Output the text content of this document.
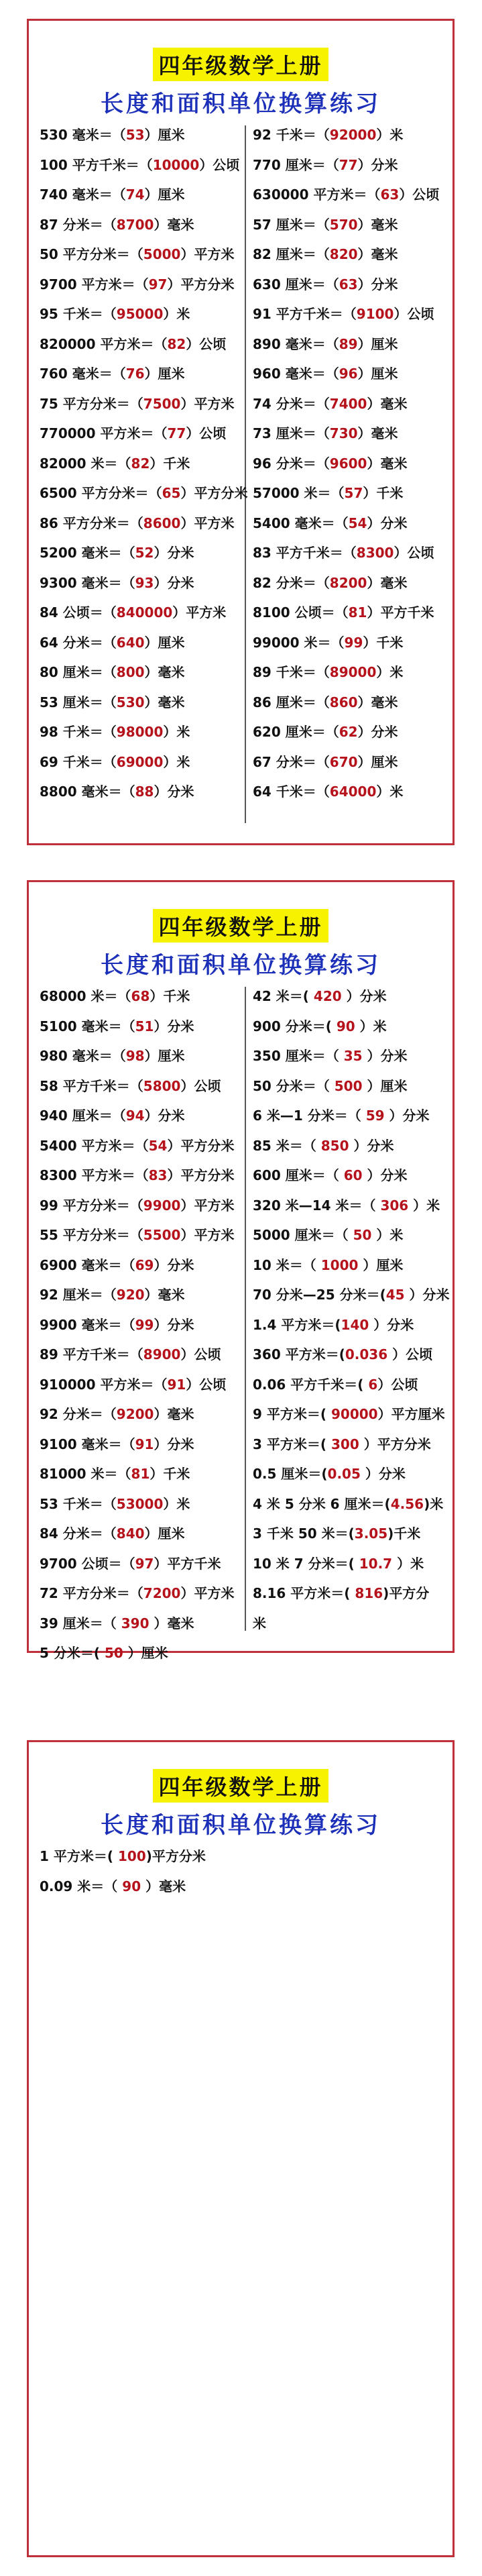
四年级数学上册
长度和面积单位换算练习
530 毫米＝（53）厘米
100 平方千米＝（10000）公顷
740 毫米＝（74）厘米
87 分米＝（8700）毫米
50 平方分米＝（5000）平方米
9700 平方米＝（97）平方分米
95 千米＝（95000）米
820000 平方米＝（82）公顷
760 毫米＝（76）厘米
75 平方分米＝（7500）平方米
770000 平方米＝（77）公顷
82000 米＝（82）千米
6500 平方分米＝（65）平方分米
86 平方分米＝（8600）平方米
5200 毫米＝（52）分米
9300 毫米＝（93）分米
84 公顷＝（840000）平方米
64 分米＝（640）厘米
80 厘米＝（800）毫米
53 厘米＝（530）毫米
98 千米＝（98000）米
69 千米＝（69000）米
8800 毫米＝（88）分米
92 千米＝（92000）米
770 厘米＝（77）分米
630000 平方米＝（63）公顷
57 厘米＝（570）毫米
82 厘米＝（820）毫米
630 厘米＝（63）分米
91 平方千米＝（9100）公顷
890 毫米＝（89）厘米
960 毫米＝（96）厘米
74 分米＝（7400）毫米
73 厘米＝（730）毫米
96 分米＝（9600）毫米
57000 米＝（57）千米
5400 毫米＝（54）分米
83 平方千米＝（8300）公顷
82 分米＝（8200）毫米
8100 公顷＝（81）平方千米
99000 米＝（99）千米
89 千米＝（89000）米
86 厘米＝（860）毫米
620 厘米＝（62）分米
67 分米＝（670）厘米
64 千米＝（64000）米
四年级数学上册
长度和面积单位换算练习
68000 米＝（68）千米
5100 毫米＝（51）分米
980 毫米＝（98）厘米
58 平方千米＝（5800）公顷
940 厘米＝（94）分米
5400 平方米＝（54）平方分米
8300 平方米＝（83）平方分米
99 平方分米＝（9900）平方米
55 平方分米＝（5500）平方米
6900 毫米＝（69）分米
92 厘米＝（920）毫米
9900 毫米＝（99）分米
89 平方千米＝（8900）公顷
910000 平方米＝（91）公顷
92 分米＝（9200）毫米
9100 毫米＝（91）分米
81000 米＝（81）千米
53 千米＝（53000）米
84 分米＝（840）厘米
9700 公顷＝（97）平方千米
72 平方分米＝（7200）平方米
39 厘米＝（ 390 ）毫米
5 分米＝( 50 ）厘米
42 米＝( 420 ）分米
900 分米＝( 90 ）米
350 厘米＝（ 35 ）分米
50 分米＝（ 500 ）厘米
6 米—1 分米＝（ 59 ）分米
85 米＝（ 850 ）分米
600 厘米＝（ 60 ）分米
320 米—14 米＝（ 306 ）米
5000 厘米＝（ 50 ）米
10 米＝（ 1000 ）厘米
70 分米—25 分米＝(45 ）分米
1.4 平方米＝(140 ）分米
360 平方米＝(0.036 ）公顷
0.06 平方千米＝( 6）公顷
9 平方米＝( 90000）平方厘米
3 平方米＝( 300 ）平方分米
0.5 厘米＝(0.05 ）分米
4 米 5 分米 6 厘米＝(4.56)米
3 千米 50 米＝(3.05)千米
10 米 7 分米＝( 10.7 ）米
8.16 平方米＝( 816)平方分
米
四年级数学上册
长度和面积单位换算练习
1 平方米＝( 100)平方分米
0.09 米＝（ 90 ）毫米
